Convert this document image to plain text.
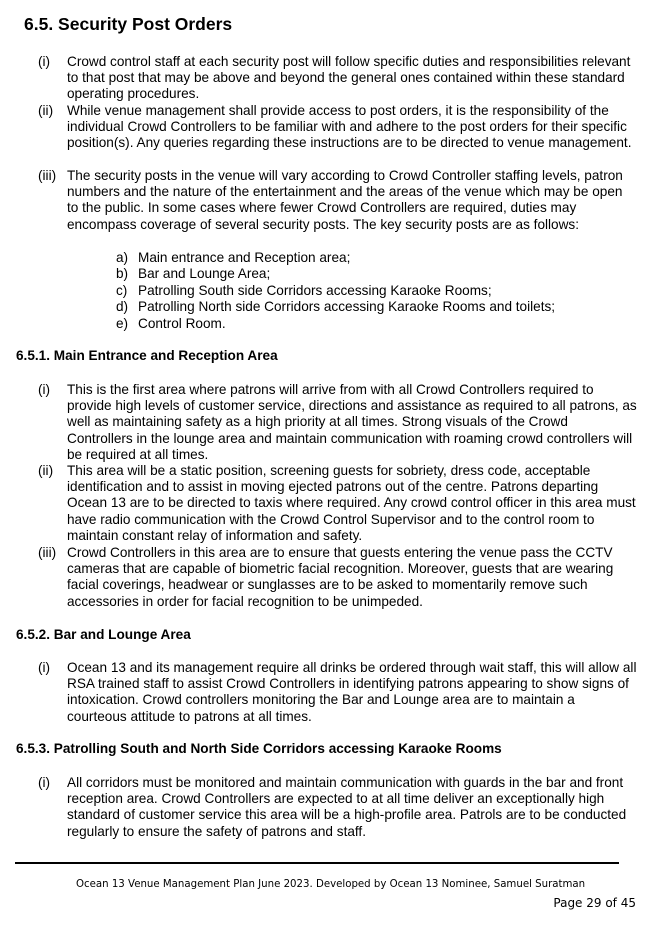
6.5. Security Post Orders
(i) Crowd control staff at each security post will follow specific duties and responsibilities relevant to that post that may be above and beyond the general ones contained within these standard operating procedures.
(ii) While venue management shall provide access to post orders, it is the responsibility of the individual Crowd Controllers to be familiar with and adhere to the post orders for their specific position(s). Any queries regarding these instructions are to be directed to venue management.
(iii) The security posts in the venue will vary according to Crowd Controller staffing levels, patron numbers and the nature of the entertainment and the areas of the venue which may be open to the public. In some cases where fewer Crowd Controllers are required, duties may encompass coverage of several security posts. The key security posts are as follows:
a) Main entrance and Reception area;
b) Bar and Lounge Area;
c) Patrolling South side Corridors accessing Karaoke Rooms;
d) Patrolling North side Corridors accessing Karaoke Rooms and toilets;
e) Control Room.
6.5.1. Main Entrance and Reception Area
(i) This is the first area where patrons will arrive from with all Crowd Controllers required to provide high levels of customer service, directions and assistance as required to all patrons, as well as maintaining safety as a high priority at all times. Strong visuals of the Crowd Controllers in the lounge area and maintain communication with roaming crowd controllers will be required at all times.
(ii) This area will be a static position, screening guests for sobriety, dress code, acceptable identification and to assist in moving ejected patrons out of the centre. Patrons departing Ocean 13 are to be directed to taxis where required. Any crowd control officer in this area must have radio communication with the Crowd Control Supervisor and to the control room to maintain constant relay of information and safety.
(iii) Crowd Controllers in this area are to ensure that guests entering the venue pass the CCTV cameras that are capable of biometric facial recognition. Moreover, guests that are wearing facial coverings, headwear or sunglasses are to be asked to momentarily remove such accessories in order for facial recognition to be unimpeded.
6.5.2. Bar and Lounge Area
(i) Ocean 13 and its management require all drinks be ordered through wait staff, this will allow all RSA trained staff to assist Crowd Controllers in identifying patrons appearing to show signs of intoxication. Crowd controllers monitoring the Bar and Lounge area are to maintain a courteous attitude to patrons at all times.
6.5.3. Patrolling South and North Side Corridors accessing Karaoke Rooms
(i) All corridors must be monitored and maintain communication with guards in the bar and front reception area. Crowd Controllers are expected to at all time deliver an exceptionally high standard of customer service this area will be a high-profile area. Patrols are to be conducted regularly to ensure the safety of patrons and staff.
Ocean 13 Venue Management Plan June 2023. Developed by Ocean 13 Nominee, Samuel Suratman
Page 29 of 45
